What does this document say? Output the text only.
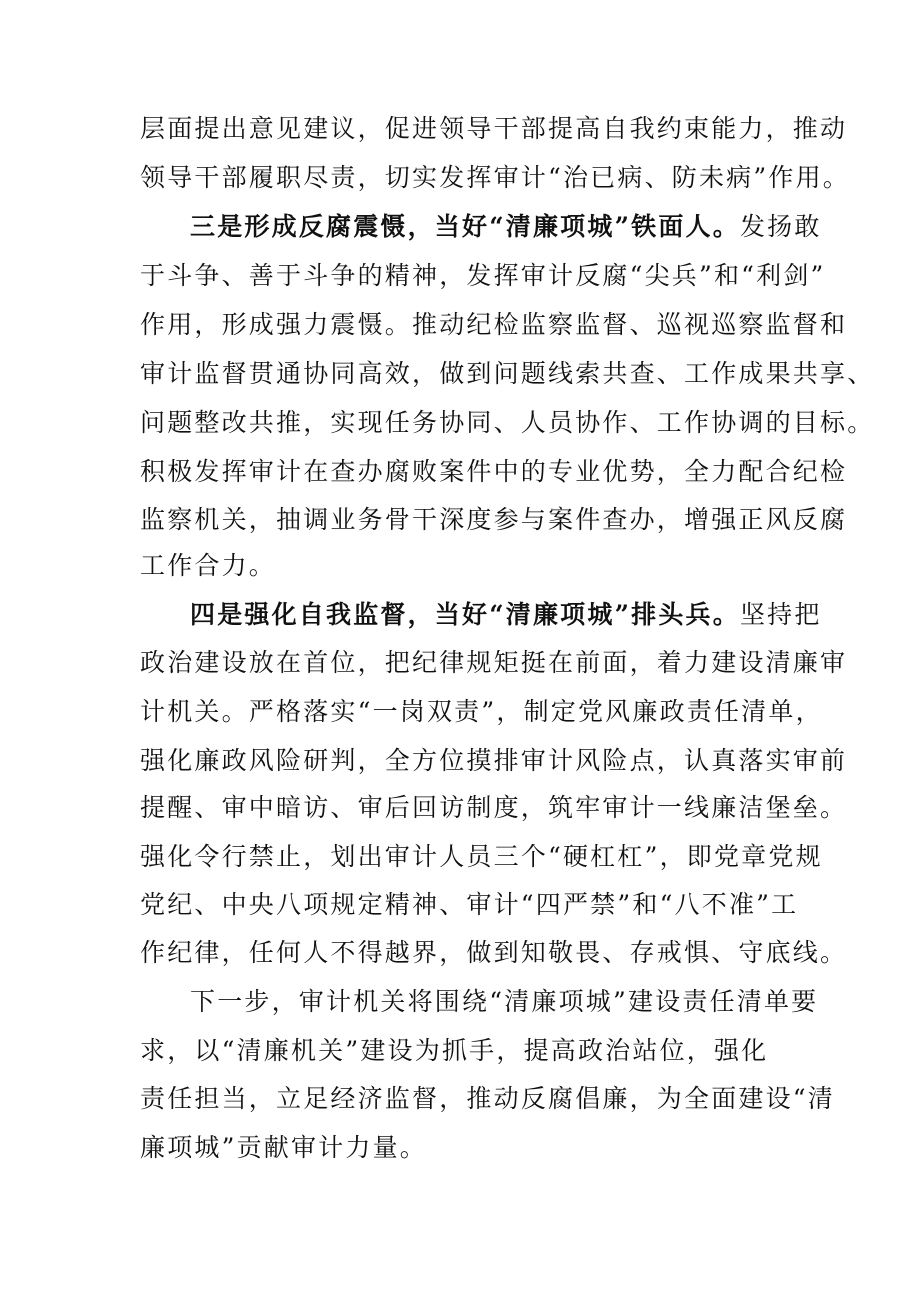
层面提出意见建议，促进领导干部提高自我约束能力，推动
领导干部履职尽责，切实发挥审计“治已病、防未病”作用。
三是形成反腐震慑，当好“清廉项城”铁面人。发扬敢
于斗争、善于斗争的精神，发挥审计反腐“尖兵”和“利剑”
作用，形成强力震慑。推动纪检监察监督、巡视巡察监督和
审计监督贯通协同高效，做到问题线索共查、工作成果共享、
问题整改共推，实现任务协同、人员协作、工作协调的目标。
积极发挥审计在查办腐败案件中的专业优势，全力配合纪检
监察机关，抽调业务骨干深度参与案件查办，增强正风反腐
工作合力。
四是强化自我监督，当好“清廉项城”排头兵。坚持把
政治建设放在首位，把纪律规矩挺在前面，着力建设清廉审
计机关。严格落实“一岗双责”，制定党风廉政责任清单，
强化廉政风险研判，全方位摸排审计风险点，认真落实审前
提醒、审中暗访、审后回访制度，筑牢审计一线廉洁堡垒。
强化令行禁止，划出审计人员三个“硬杠杠”，即党章党规
党纪、中央八项规定精神、审计“四严禁”和“八不准”工
作纪律，任何人不得越界，做到知敬畏、存戒惧、守底线。
下一步，审计机关将围绕“清廉项城”建设责任清单要
求，以“清廉机关”建设为抓手，提高政治站位，强化
责任担当，立足经济监督，推动反腐倡廉，为全面建设“清
廉项城”贡献审计力量。
